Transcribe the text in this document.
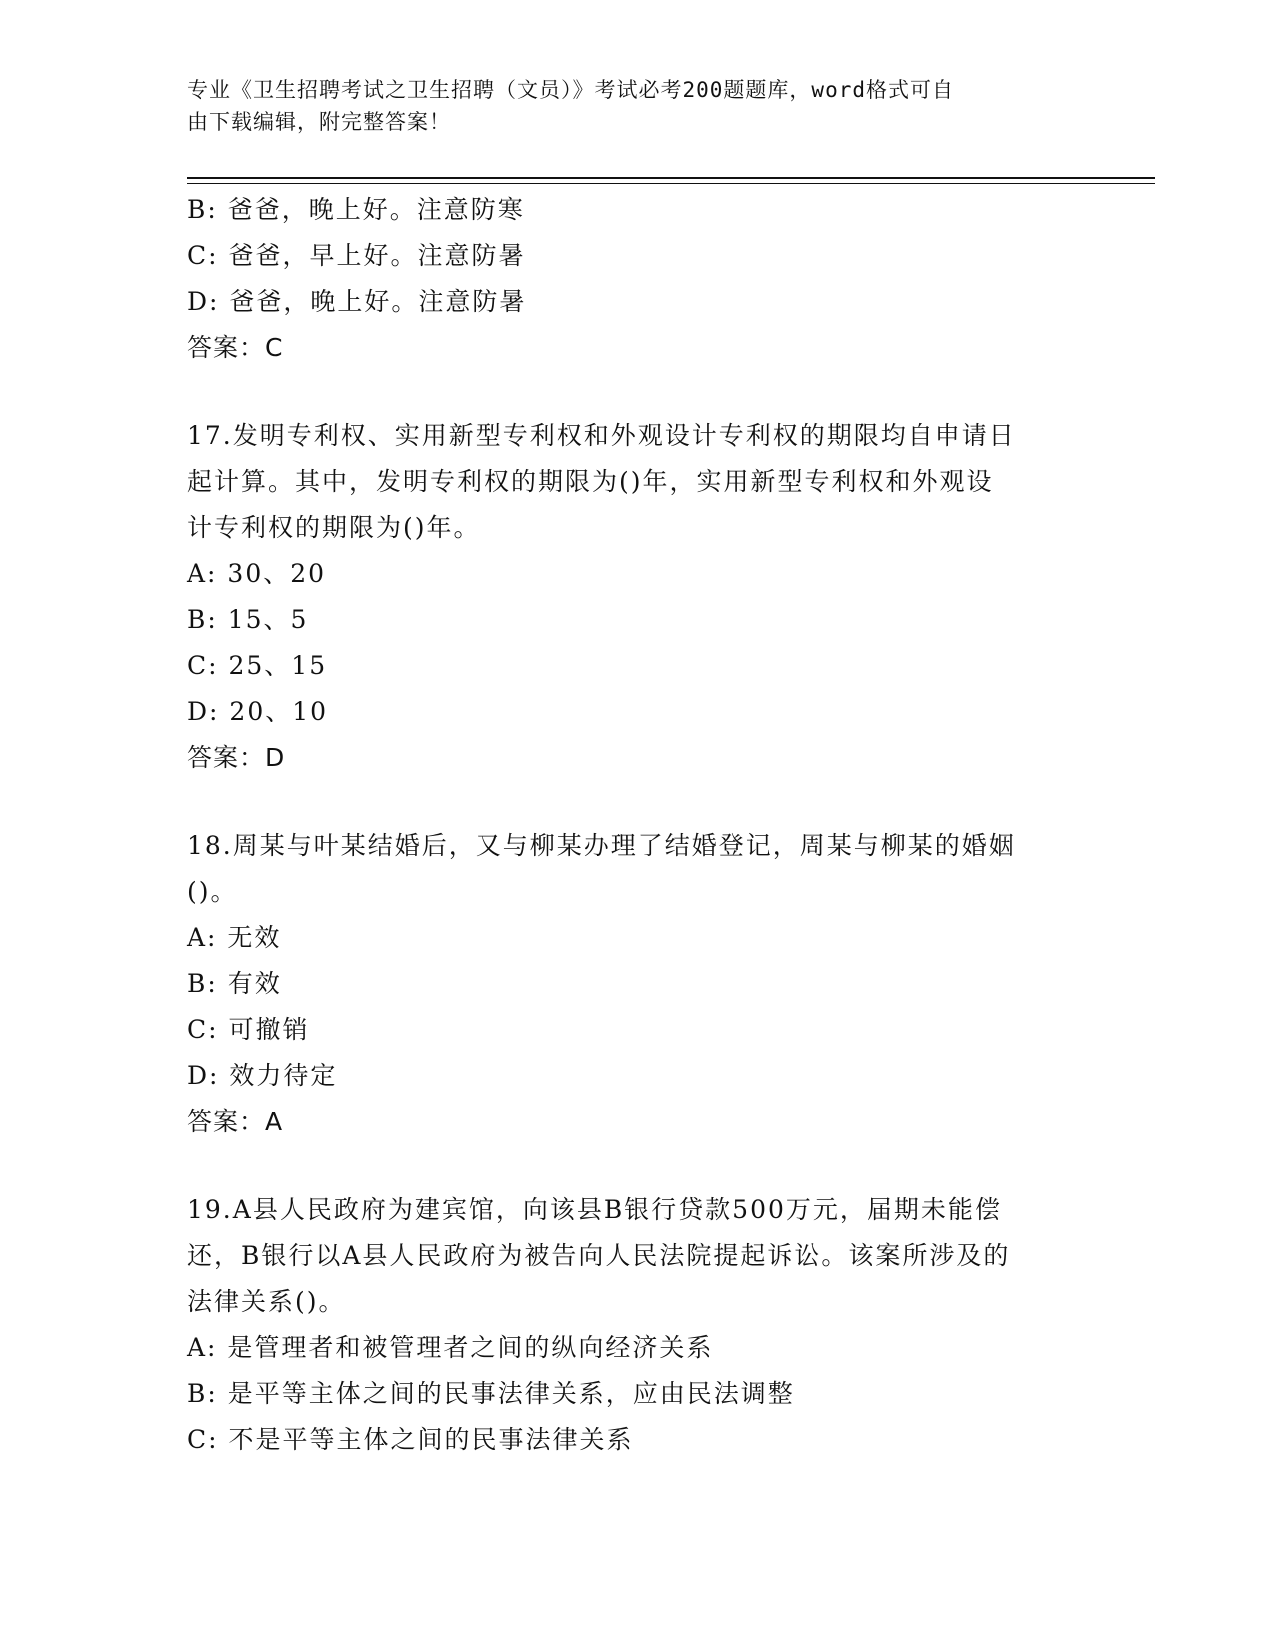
专业《卫生招聘考试之卫生招聘（文员）》考试必考200题题库，word格式可自
由下载编辑，附完整答案！
B: 爸爸，晚上好。注意防寒
C: 爸爸，早上好。注意防暑
D: 爸爸，晚上好。注意防暑
答案：C
17.发明专利权、实用新型专利权和外观设计专利权的期限均自申请日
起计算。其中，发明专利权的期限为()年，实用新型专利权和外观设
计专利权的期限为()年。
A: 30、20
B: 15、5
C: 25、15
D: 20、10
答案：D
18.周某与叶某结婚后，又与柳某办理了结婚登记，周某与柳某的婚姻
()。
A: 无效
B: 有效
C: 可撤销
D: 效力待定
答案：A
19.A县人民政府为建宾馆，向该县B银行贷款500万元，届期未能偿
还，B银行以A县人民政府为被告向人民法院提起诉讼。该案所涉及的
法律关系()。
A: 是管理者和被管理者之间的纵向经济关系
B: 是平等主体之间的民事法律关系，应由民法调整
C: 不是平等主体之间的民事法律关系
